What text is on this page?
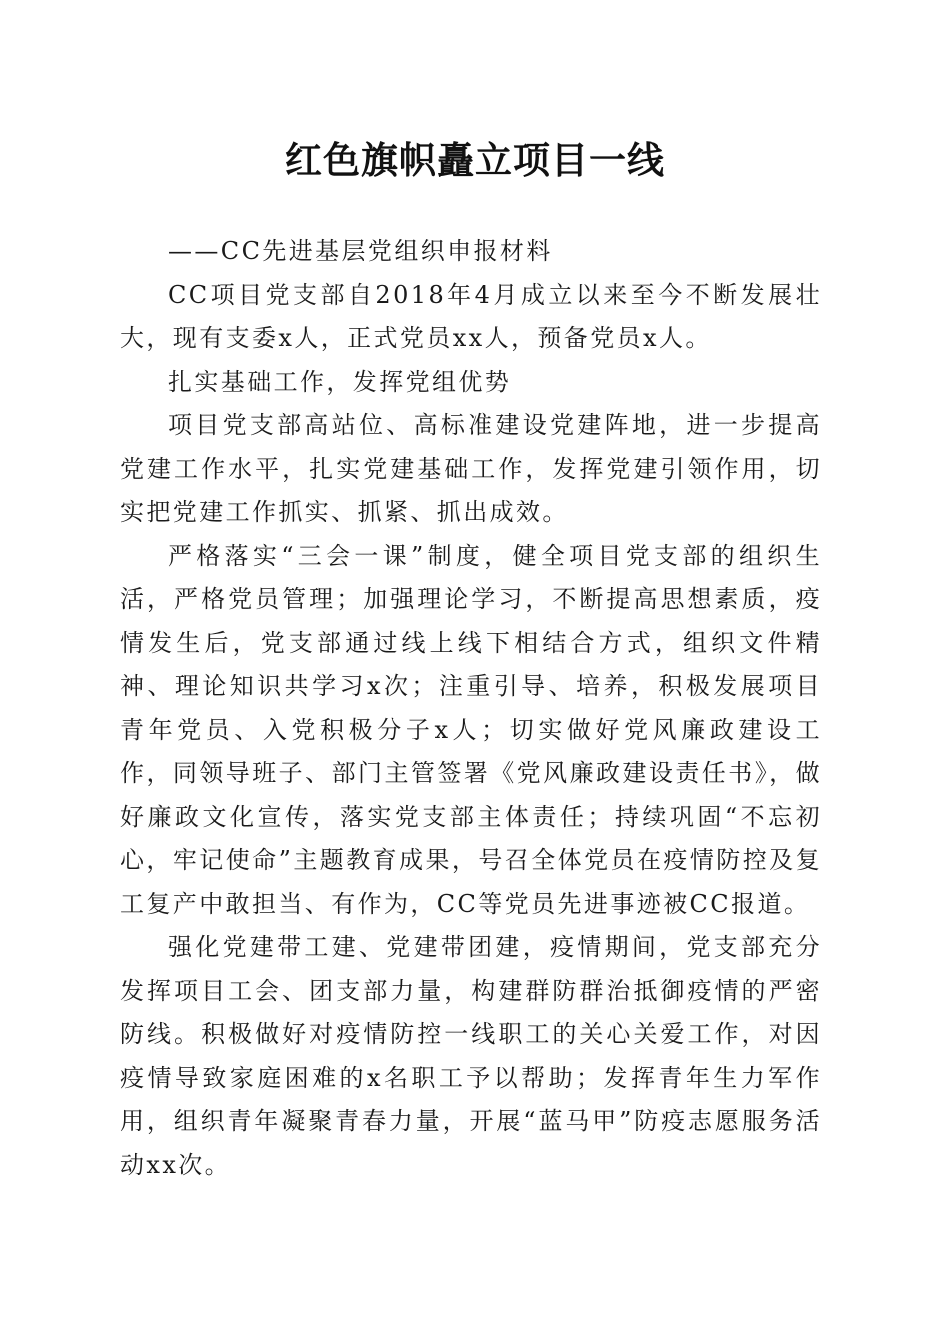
红色旗帜矗立项目一线

——CC先进基层党组织申报材料

CC项目党支部自2018年4月成立以来至今不断发展壮大，现有支委x人，正式党员xx人，预备党员x人。

扎实基础工作，发挥党组优势

项目党支部高站位、高标准建设党建阵地，进一步提高党建工作水平，扎实党建基础工作，发挥党建引领作用，切实把党建工作抓实、抓紧、抓出成效。

严格落实“三会一课”制度，健全项目党支部的组织生活，严格党员管理；加强理论学习，不断提高思想素质，疫情发生后，党支部通过线上线下相结合方式，组织文件精神、理论知识共学习x次；注重引导、培养，积极发展项目青年党员、入党积极分子x人；切实做好党风廉政建设工作，同领导班子、部门主管签署《党风廉政建设责任书》，做好廉政文化宣传，落实党支部主体责任；持续巩固“不忘初心，牢记使命”主题教育成果，号召全体党员在疫情防控及复工复产中敢担当、有作为，CC等党员先进事迹被CC报道。

强化党建带工建、党建带团建，疫情期间，党支部充分发挥项目工会、团支部力量，构建群防群治抵御疫情的严密防线。积极做好对疫情防控一线职工的关心关爱工作，对因疫情导致家庭困难的x名职工予以帮助；发挥青年生力军作用，组织青年凝聚青春力量，开展“蓝马甲”防疫志愿服务活动xx次。
